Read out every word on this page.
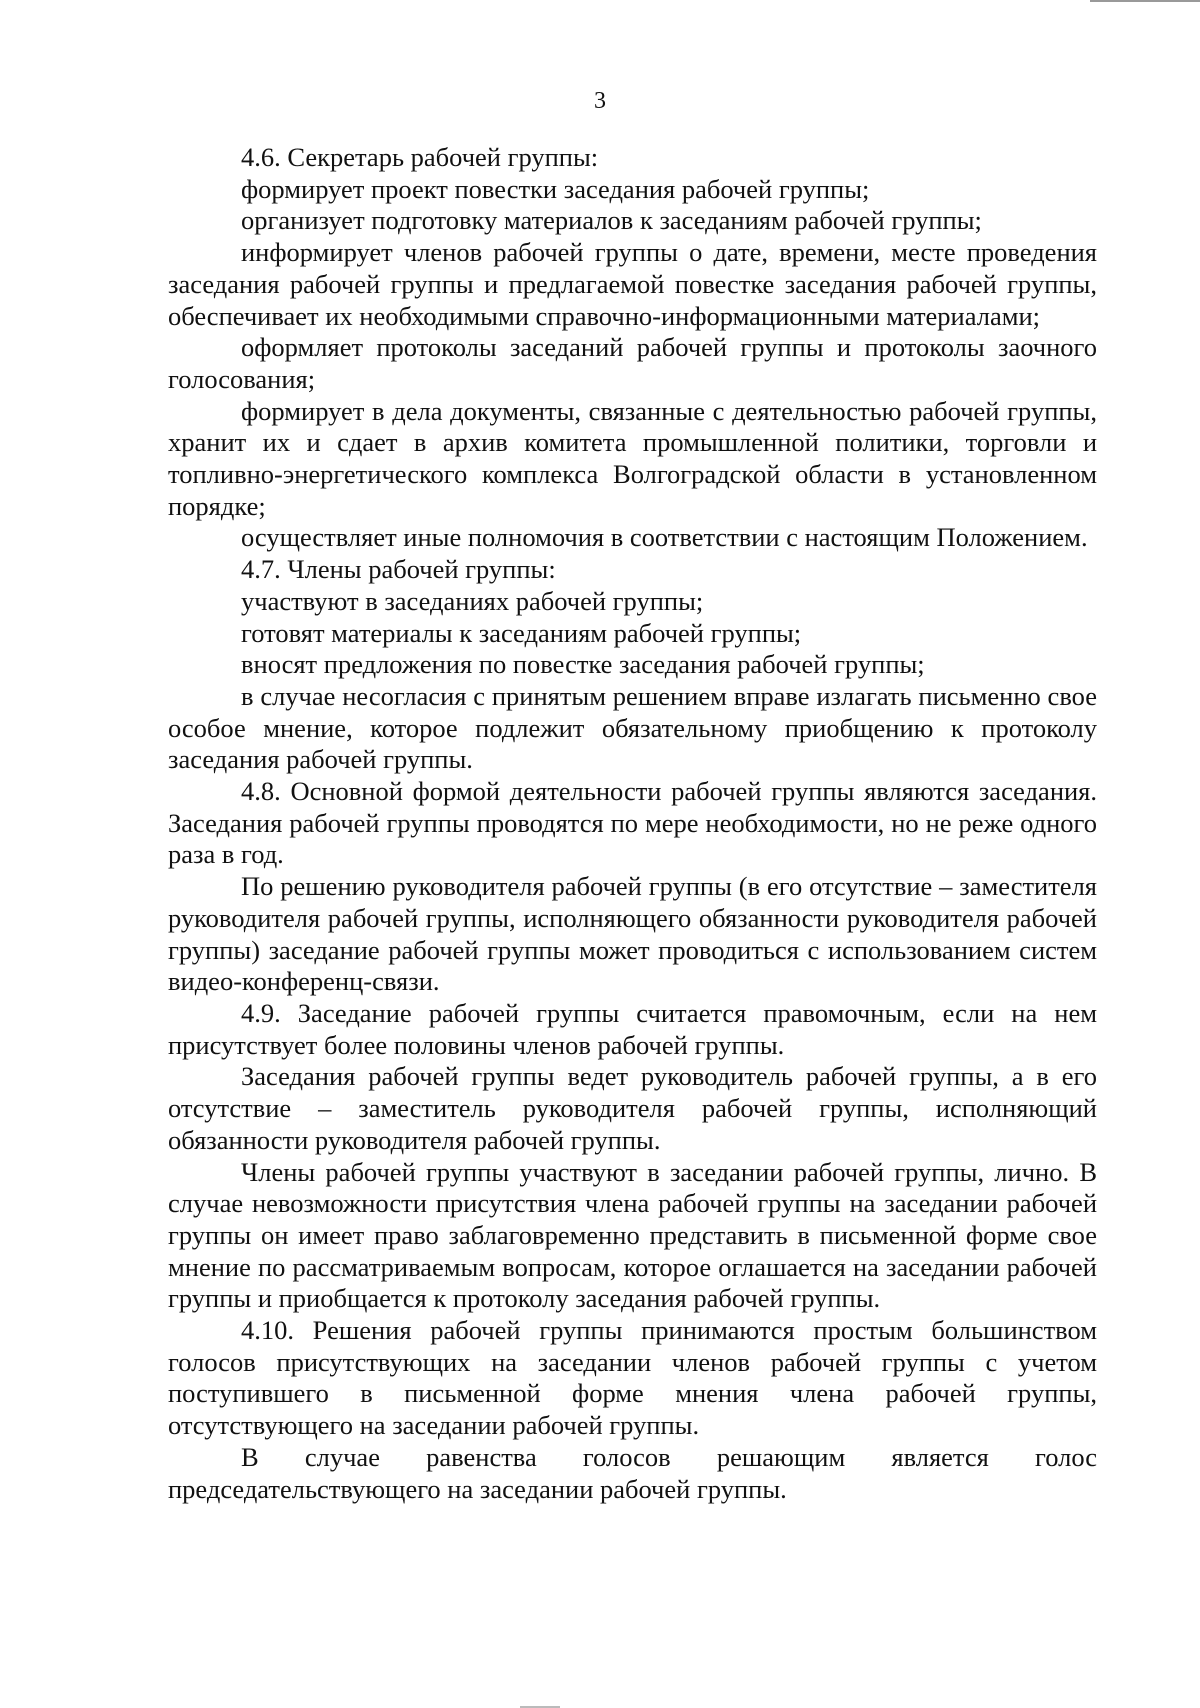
3

4.6. Секретарь рабочей группы:

формирует проект повестки заседания рабочей группы;

организует подготовку материалов к заседаниям рабочей группы;

информирует членов рабочей группы о дате, времени, месте проведения заседания рабочей группы и предлагаемой повестке заседания рабочей группы, обеспечивает их необходимыми справочно-информационными материалами;

оформляет протоколы заседаний рабочей группы и протоколы заочного голосования;

формирует в дела документы, связанные с деятельностью рабочей группы, хранит их и сдает в архив комитета промышленной политики, торговли и топливно-энергетического комплекса Волгоградской области в установленном порядке;

осуществляет иные полномочия в соответствии с настоящим Положением.

4.7. Члены рабочей группы:

участвуют в заседаниях рабочей группы;

готовят материалы к заседаниям рабочей группы;

вносят предложения по повестке заседания рабочей группы;

в случае несогласия с принятым решением вправе излагать письменно свое особое мнение, которое подлежит обязательному приобщению к протоколу заседания рабочей группы.

4.8. Основной формой деятельности рабочей группы являются заседания. Заседания рабочей группы проводятся по мере необходимости, но не реже одного раза в год.

По решению руководителя рабочей группы (в его отсутствие – заместителя руководителя рабочей группы, исполняющего обязанности руководителя рабочей группы) заседание рабочей группы может проводиться с использованием систем видео-конференц-связи.

4.9. Заседание рабочей группы считается правомочным, если на нем присутствует более половины членов рабочей группы.

Заседания рабочей группы ведет руководитель рабочей группы, а в его отсутствие – заместитель руководителя рабочей группы, исполняющий обязанности руководителя рабочей группы.

Члены рабочей группы участвуют в заседании рабочей группы, лично. В случае невозможности присутствия члена рабочей группы на заседании рабочей группы он имеет право заблаговременно представить в письменной форме свое мнение по рассматриваемым вопросам, которое оглашается на заседании рабочей группы и приобщается к протоколу заседания рабочей группы.

4.10. Решения рабочей группы принимаются простым большинством голосов присутствующих на заседании членов рабочей группы с учетом поступившего в письменной форме мнения члена рабочей группы, отсутствующего на заседании рабочей группы.

В случае равенства голосов решающим является голос председательствующего на заседании рабочей группы.
